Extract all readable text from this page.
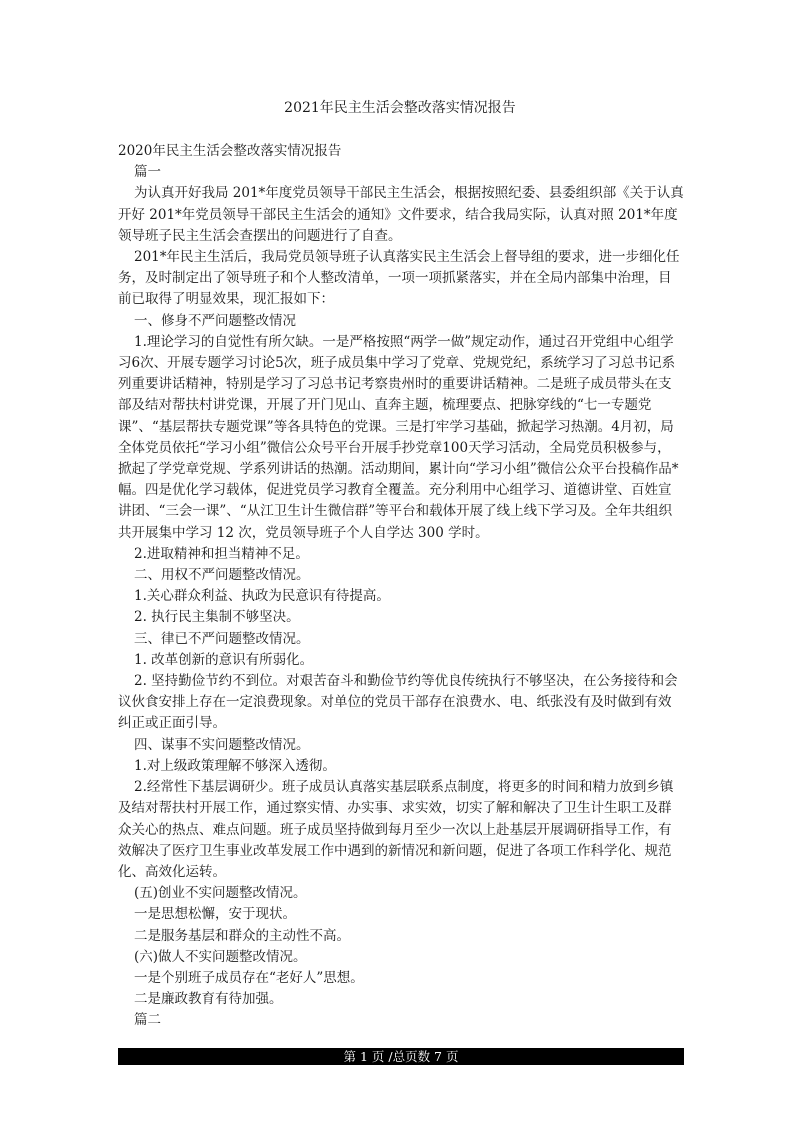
2021年民主生活会整改落实情况报告

2020年民主生活会整改落实情况报告

篇一

为认真开好我局 201*年度党员领导干部民主生活会，根据按照纪委、县委组织部《关于认真开好 201*年党员领导干部民主生活会的通知》文件要求，结合我局实际，认真对照 201*年度领导班子民主生活会查摆出的问题进行了自查。

201*年民主生活后，我局党员领导班子认真落实民主生活会上督导组的要求，进一步细化任务，及时制定出了领导班子和个人整改清单，一项一项抓紧落实，并在全局内部集中治理，目前已取得了明显效果，现汇报如下：

一、修身不严问题整改情况

1.理论学习的自觉性有所欠缺。一是严格按照“两学一做”规定动作，通过召开党组中心组学习6次、开展专题学习讨论5次，班子成员集中学习了党章、党规党纪，系统学习了习总书记系列重要讲话精神，特别是学习了习总书记考察贵州时的重要讲话精神。二是班子成员带头在支部及结对帮扶村讲党课，开展了开门见山、直奔主题，梳理要点、把脉穿线的“七一专题党课”、“基层帮扶专题党课”等各具特色的党课。三是打牢学习基础，掀起学习热潮。4月初，局全体党员依托“学习小组”微信公众号平台开展手抄党章100天学习活动，全局党员积极参与，掀起了学党章党规、学系列讲话的热潮。活动期间，累计向“学习小组”微信公众平台投稿作品*幅。四是优化学习载体，促进党员学习教育全覆盖。充分利用中心组学习、道德讲堂、百姓宣讲团、“三会一课”、“从江卫生计生微信群”等平台和载体开展了线上线下学习及。全年共组织共开展集中学习 12 次，党员领导班子个人自学达 300 学时。

2.进取精神和担当精神不足。

二、用权不严问题整改情况。

1.关心群众利益、执政为民意识有待提高。

2. 执行民主集制不够坚决。

三、律已不严问题整改情况。

1. 改革创新的意识有所弱化。

2. 坚持勤俭节约不到位。对艰苦奋斗和勤俭节约等优良传统执行不够坚决，在公务接待和会议伙食安排上存在一定浪费现象。对单位的党员干部存在浪费水、电、纸张没有及时做到有效纠正或正面引导。

四、谋事不实问题整改情况。

1.对上级政策理解不够深入透彻。

2.经常性下基层调研少。班子成员认真落实基层联系点制度，将更多的时间和精力放到乡镇及结对帮扶村开展工作，通过察实情、办实事、求实效，切实了解和解决了卫生计生职工及群众关心的热点、难点问题。班子成员坚持做到每月至少一次以上赴基层开展调研指导工作，有效解决了医疗卫生事业改革发展工作中遇到的新情况和新问题，促进了各项工作科学化、规范化、高效化运转。

(五)创业不实问题整改情况。

一是思想松懈，安于现状。

二是服务基层和群众的主动性不高。

(六)做人不实问题整改情况。

一是个别班子成员存在“老好人”思想。

二是廉政教育有待加强。

篇二

第 1 页 /总页数 7 页
